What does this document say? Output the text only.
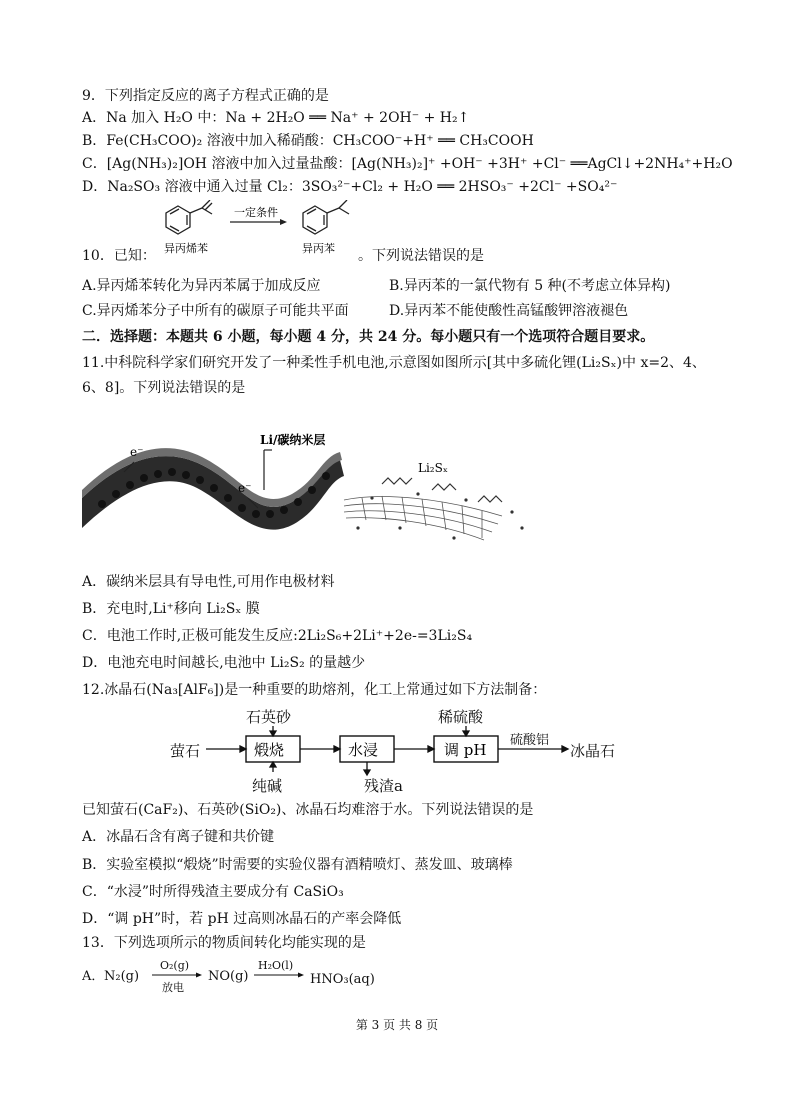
9．下列指定反应的离子方程式正确的是
A．Na 加入 H₂O 中：Na + 2H₂O ══ Na⁺ + 2OH⁻ + H₂↑
B．Fe(CH₃COO)₂ 溶液中加入稀硝酸：CH₃COO⁻+H⁺ ══ CH₃COOH
C．[Ag(NH₃)₂]OH 溶液中加入过量盐酸：[Ag(NH₃)₂]⁺ +OH⁻ +3H⁺ +Cl⁻ ══AgCl↓+2NH₄⁺+H₂O
D．Na₂SO₃ 溶液中通入过量 Cl₂：3SO₃²⁻+Cl₂ + H₂O ══ 2HSO₃⁻ +2Cl⁻ +SO₄²⁻
异丙烯苯
一定条件
异丙苯
10．已知：	。下列说法错误的是
A.异丙烯苯转化为异丙苯属于加成反应	B.异丙苯的一氯代物有 5 种(不考虑立体异构)
C.异丙烯苯分子中所有的碳原子可能共平面	D.异丙苯不能使酸性高锰酸钾溶液褪色
二．选择题：本题共 6 小题，每小题 4 分，共 24 分。每小题只有一个选项符合题目要求。
11.中科院科学家们研究开发了一种柔性手机电池,示意图如图所示[其中多硫化锂(Li₂Sₓ)中 x=2、4、
6、8]。下列说法错误的是
Li/碳纳米层
e⁻
e⁻
Li₂Sₓ
A．碳纳米层具有导电性,可用作电极材料
B．充电时,Li⁺移向 Li₂Sₓ 膜
C．电池工作时,正极可能发生反应:2Li₂S₆+2Li⁺+2e-=3Li₂S₄
D．电池充电时间越长,电池中 Li₂S₂ 的量越少
12.冰晶石(Na₃[AlF₆])是一种重要的助熔剂，化工上常通过如下方法制备：
萤石
石英砂
纯碱	残渣a
稀硫酸
硫酸铝
冰晶石
煅烧	水浸	调 pH
已知萤石(CaF₂)、石英砂(SiO₂)、冰晶石均难溶于水。下列说法错误的是
A．冰晶石含有离子键和共价键
B．实验室模拟“煅烧”时需要的实验仪器有酒精喷灯、蒸发皿、玻璃棒
C．“水浸”时所得残渣主要成分有 CaSiO₃
D．“调 pH”时，若 pH 过高则冰晶石的产率会降低
13．下列选项所示的物质间转化均能实现的是
A． N₂(g)
O₂(g)
放电
NO(g)
H₂O(l)
HNO₃(aq)
第 3 页 共 8 页
